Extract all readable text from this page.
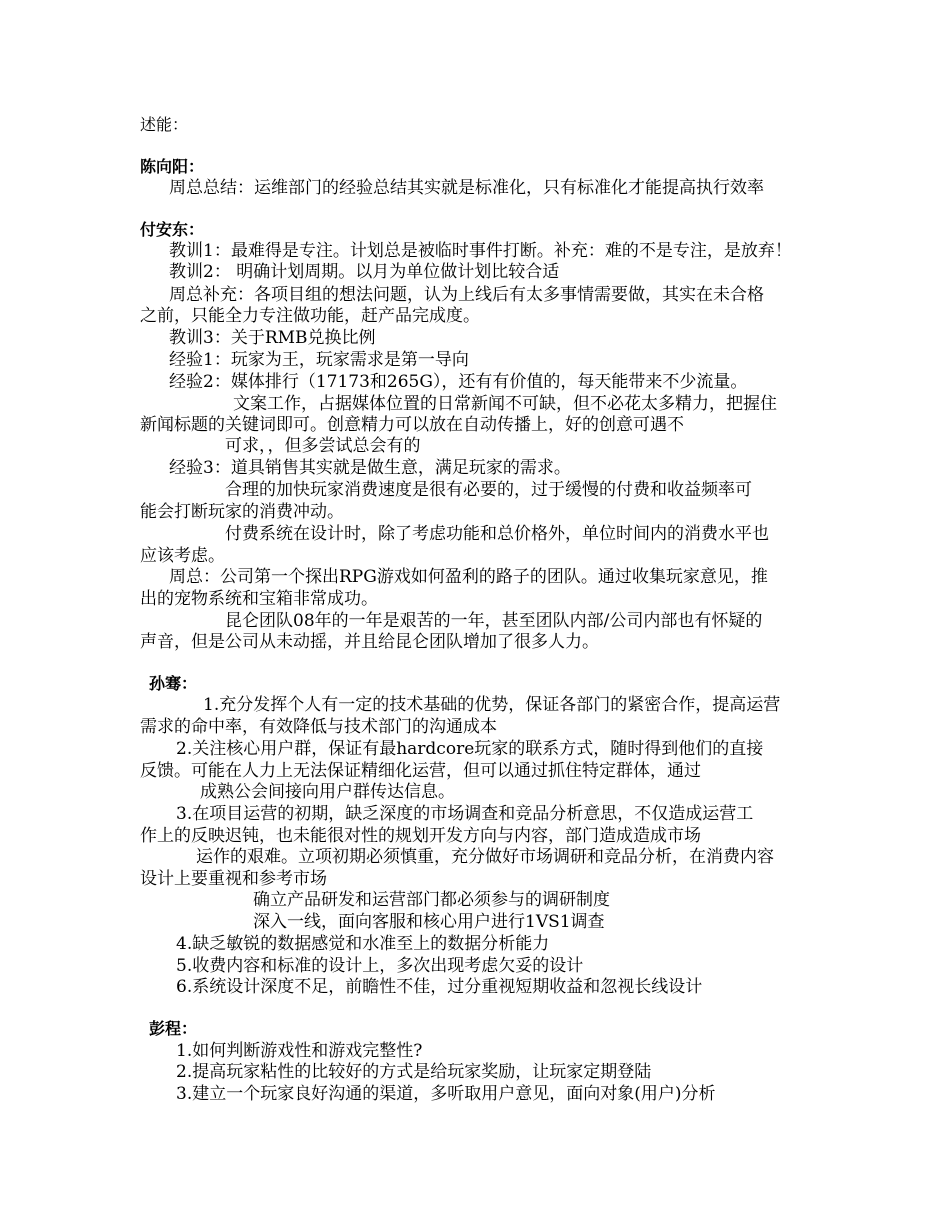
述能：
陈向阳：
周总总结：运维部门的经验总结其实就是标准化，只有标准化才能提高执行效率
付安东：
教训1：最难得是专注。计划总是被临时事件打断。补充：难的不是专注，是放弃！
教训2： 明确计划周期。以月为单位做计划比较合适
周总补充：各项目组的想法问题，认为上线后有太多事情需要做，其实在未合格
之前，只能全力专注做功能，赶产品完成度。
教训3：关于RMB兑换比例
经验1：玩家为王，玩家需求是第一导向
经验2：媒体排行（17173和265G），还有有价值的，每天能带来不少流量。
文案工作，占据媒体位置的日常新闻不可缺，但不必花太多精力，把握住
新闻标题的关键词即可。创意精力可以放在自动传播上，好的创意可遇不
可求，，但多尝试总会有的
经验3：道具销售其实就是做生意，满足玩家的需求。
合理的加快玩家消费速度是很有必要的，过于缓慢的付费和收益频率可
能会打断玩家的消费冲动。
付费系统在设计时，除了考虑功能和总价格外，单位时间内的消费水平也
应该考虑。
周总：公司第一个探出RPG游戏如何盈利的路子的团队。通过收集玩家意见，推
出的宠物系统和宝箱非常成功。
昆仑团队08年的一年是艰苦的一年，甚至团队内部/公司内部也有怀疑的
声音，但是公司从未动摇，并且给昆仑团队增加了很多人力。
孙骞：
1.充分发挥个人有一定的技术基础的优势，保证各部门的紧密合作，提高运营
需求的命中率，有效降低与技术部门的沟通成本
2.关注核心用户群，保证有最hardcore玩家的联系方式，随时得到他们的直接
反馈。可能在人力上无法保证精细化运营，但可以通过抓住特定群体，通过
成熟公会间接向用户群传达信息。
3.在项目运营的初期，缺乏深度的市场调查和竞品分析意思，不仅造成运营工
作上的反映迟钝，也未能很对性的规划开发方向与内容，部门造成造成市场
运作的艰难。立项初期必须慎重，充分做好市场调研和竞品分析，在消费内容
设计上要重视和参考市场
确立产品研发和运营部门都必须参与的调研制度
深入一线，面向客服和核心用户进行1VS1调查
4.缺乏敏锐的数据感觉和水准至上的数据分析能力
5.收费内容和标准的设计上，多次出现考虑欠妥的设计
6.系统设计深度不足，前瞻性不佳，过分重视短期收益和忽视长线设计
彭程：
1.如何判断游戏性和游戏完整性?
2.提高玩家粘性的比较好的方式是给玩家奖励，让玩家定期登陆
3.建立一个玩家良好沟通的渠道，多听取用户意见，面向对象(用户)分析
